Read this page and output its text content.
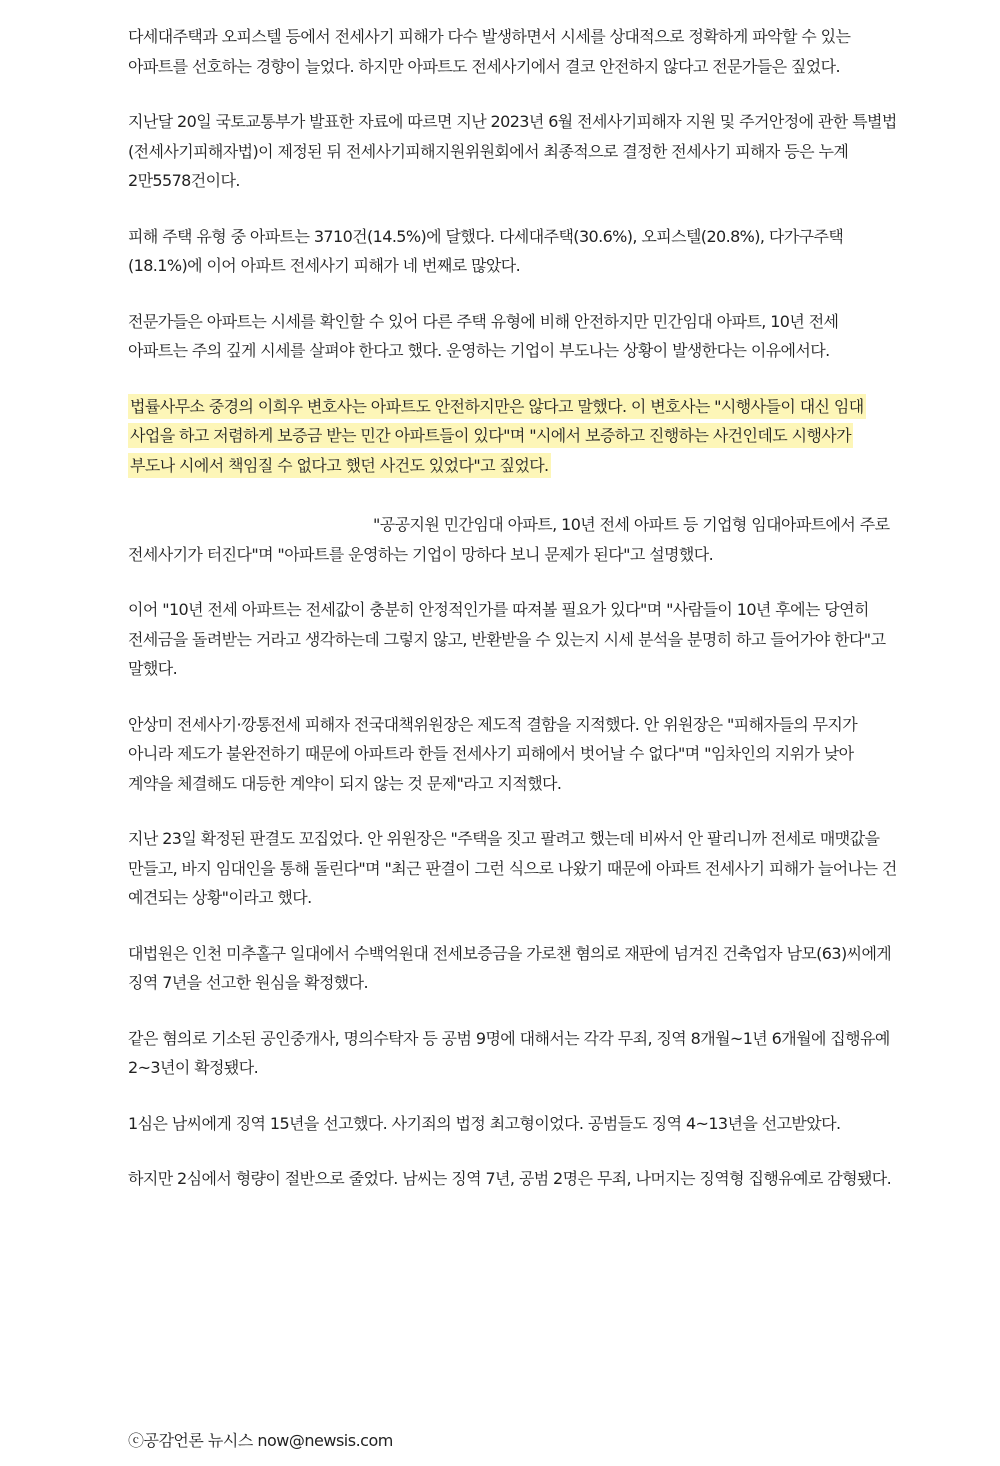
다세대주택과 오피스텔 등에서 전세사기 피해가 다수 발생하면서 시세를 상대적으로 정확하게 파악할 수 있는 아파트를 선호하는 경향이 늘었다. 하지만 아파트도 전세사기에서 결코 안전하지 않다고 전문가들은 짚었다.

지난달 20일 국토교통부가 발표한 자료에 따르면 지난 2023년 6월 전세사기피해자 지원 및 주거안정에 관한 특별법(전세사기피해자법)이 제정된 뒤 전세사기피해지원위원회에서 최종적으로 결정한 전세사기 피해자 등은 누계 2만5578건이다.

피해 주택 유형 중 아파트는 3710건(14.5%)에 달했다. 다세대주택(30.6%), 오피스텔(20.8%), 다가구주택(18.1%)에 이어 아파트 전세사기 피해가 네 번째로 많았다.

전문가들은 아파트는 시세를 확인할 수 있어 다른 주택 유형에 비해 안전하지만 민간임대 아파트, 10년 전세 아파트는 주의 깊게 시세를 살펴야 한다고 했다. 운영하는 기업이 부도나는 상황이 발생한다는 이유에서다.

법률사무소 중경의 이희우 변호사는 아파트도 안전하지만은 않다고 말했다. 이 변호사는 "시행사들이 대신 임대 사업을 하고 저렴하게 보증금 받는 민간 아파트들이 있다"며 "시에서 보증하고 진행하는 사건인데도 시행사가 부도나 시에서 책임질 수 없다고 했던 사건도 있었다"고 짚었다.

"공공지원 민간임대 아파트, 10년 전세 아파트 등 기업형 임대아파트에서 주로 전세사기가 터진다"며 "아파트를 운영하는 기업이 망하다 보니 문제가 된다"고 설명했다.

이어 "10년 전세 아파트는 전세값이 충분히 안정적인가를 따져볼 필요가 있다"며 "사람들이 10년 후에는 당연히 전세금을 돌려받는 거라고 생각하는데 그렇지 않고, 반환받을 수 있는지 시세 분석을 분명히 하고 들어가야 한다"고 말했다.

안상미 전세사기·깡통전세 피해자 전국대책위원장은 제도적 결함을 지적했다. 안 위원장은 "피해자들의 무지가 아니라 제도가 불완전하기 때문에 아파트라 한들 전세사기 피해에서 벗어날 수 없다"며 "임차인의 지위가 낮아 계약을 체결해도 대등한 계약이 되지 않는 것 문제"라고 지적했다.

지난 23일 확정된 판결도 꼬집었다. 안 위원장은 "주택을 짓고 팔려고 했는데 비싸서 안 팔리니까 전세로 매맷값을 만들고, 바지 임대인을 통해 돌린다"며 "최근 판결이 그런 식으로 나왔기 때문에 아파트 전세사기 피해가 늘어나는 건 예견되는 상황"이라고 했다.

대법원은 인천 미추홀구 일대에서 수백억원대 전세보증금을 가로챈 혐의로 재판에 넘겨진 건축업자 남모(63)씨에게 징역 7년을 선고한 원심을 확정했다.

같은 혐의로 기소된 공인중개사, 명의수탁자 등 공범 9명에 대해서는 각각 무죄, 징역 8개월~1년 6개월에 집행유예 2~3년이 확정됐다.

1심은 남씨에게 징역 15년을 선고했다. 사기죄의 법정 최고형이었다. 공범들도 징역 4~13년을 선고받았다.

하지만 2심에서 형량이 절반으로 줄었다. 남씨는 징역 7년, 공범 2명은 무죄, 나머지는 징역형 집행유예로 감형됐다.

ⓒ공감언론 뉴시스 now@newsis.com
